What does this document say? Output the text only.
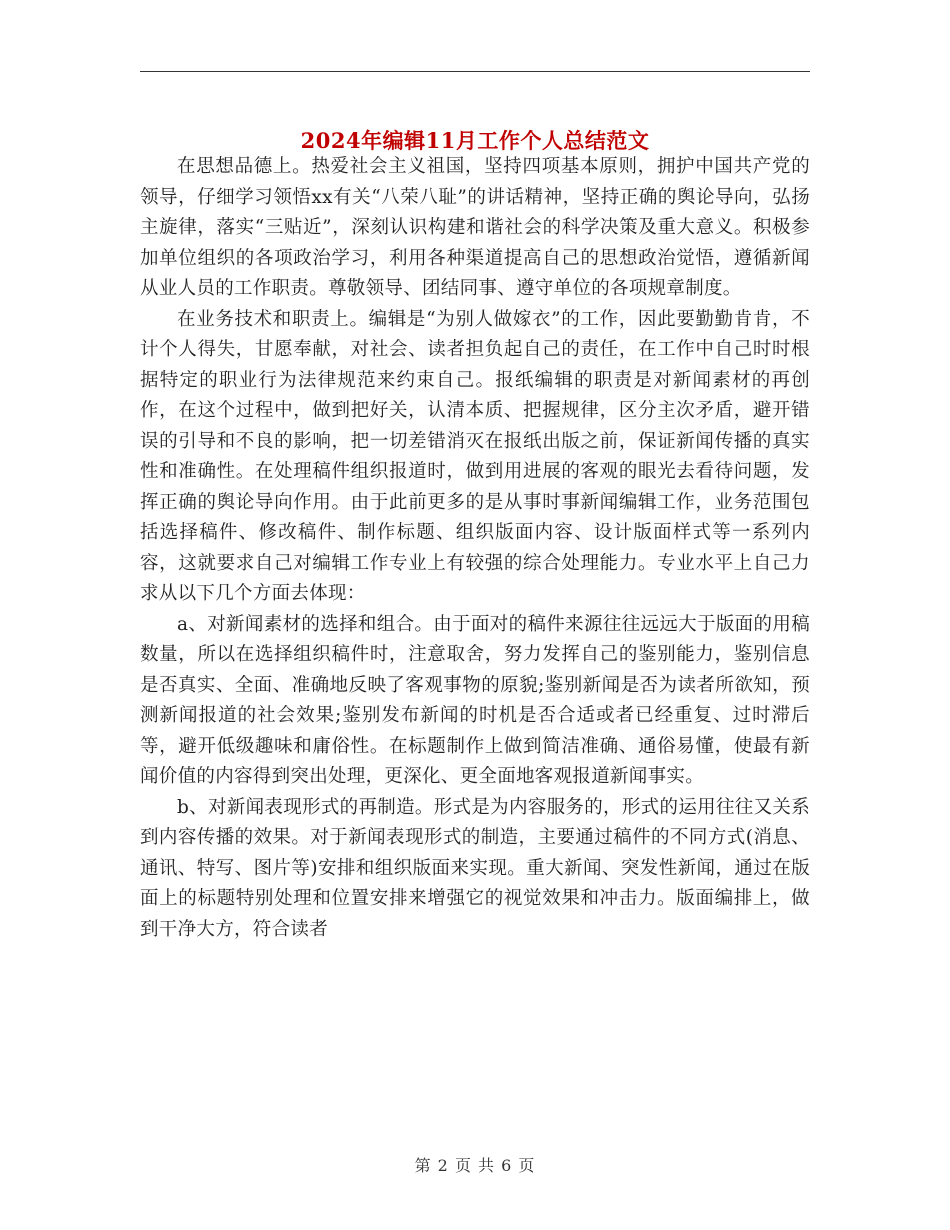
2024年编辑11月工作个人总结范文

在思想品德上。热爱社会主义祖国，坚持四项基本原则，拥护中国共产党的领导，仔细学习领悟xx有关“八荣八耻”的讲话精神，坚持正确的舆论导向，弘扬主旋律，落实“三贴近”，深刻认识构建和谐社会的科学决策及重大意义。积极参加单位组织的各项政治学习，利用各种渠道提高自己的思想政治觉悟，遵循新闻从业人员的工作职责。尊敬领导、团结同事、遵守单位的各项规章制度。

在业务技术和职责上。编辑是“为别人做嫁衣”的工作，因此要勤勤肯肯，不计个人得失，甘愿奉献，对社会、读者担负起自己的责任，在工作中自己时时根据特定的职业行为法律规范来约束自己。报纸编辑的职责是对新闻素材的再创作，在这个过程中，做到把好关，认清本质、把握规律，区分主次矛盾，避开错误的引导和不良的影响，把一切差错消灭在报纸出版之前，保证新闻传播的真实性和准确性。在处理稿件组织报道时，做到用进展的客观的眼光去看待问题，发挥正确的舆论导向作用。由于此前更多的是从事时事新闻编辑工作，业务范围包括选择稿件、修改稿件、制作标题、组织版面内容、设计版面样式等一系列内容，这就要求自己对编辑工作专业上有较强的综合处理能力。专业水平上自己力求从以下几个方面去体现：

a、对新闻素材的选择和组合。由于面对的稿件来源往往远远大于版面的用稿数量，所以在选择组织稿件时，注意取舍，努力发挥自己的鉴别能力，鉴别信息是否真实、全面、准确地反映了客观事物的原貌;鉴别新闻是否为读者所欲知，预测新闻报道的社会效果;鉴别发布新闻的时机是否合适或者已经重复、过时滞后等，避开低级趣味和庸俗性。在标题制作上做到简洁准确、通俗易懂，使最有新闻价值的内容得到突出处理，更深化、更全面地客观报道新闻事实。

b、对新闻表现形式的再制造。形式是为内容服务的，形式的运用往往又关系到内容传播的效果。对于新闻表现形式的制造，主要通过稿件的不同方式(消息、通讯、特写、图片等)安排和组织版面来实现。重大新闻、突发性新闻，通过在版面上的标题特别处理和位置安排来增强它的视觉效果和冲击力。版面编排上，做到干净大方，符合读者

第 2 页 共 6 页
